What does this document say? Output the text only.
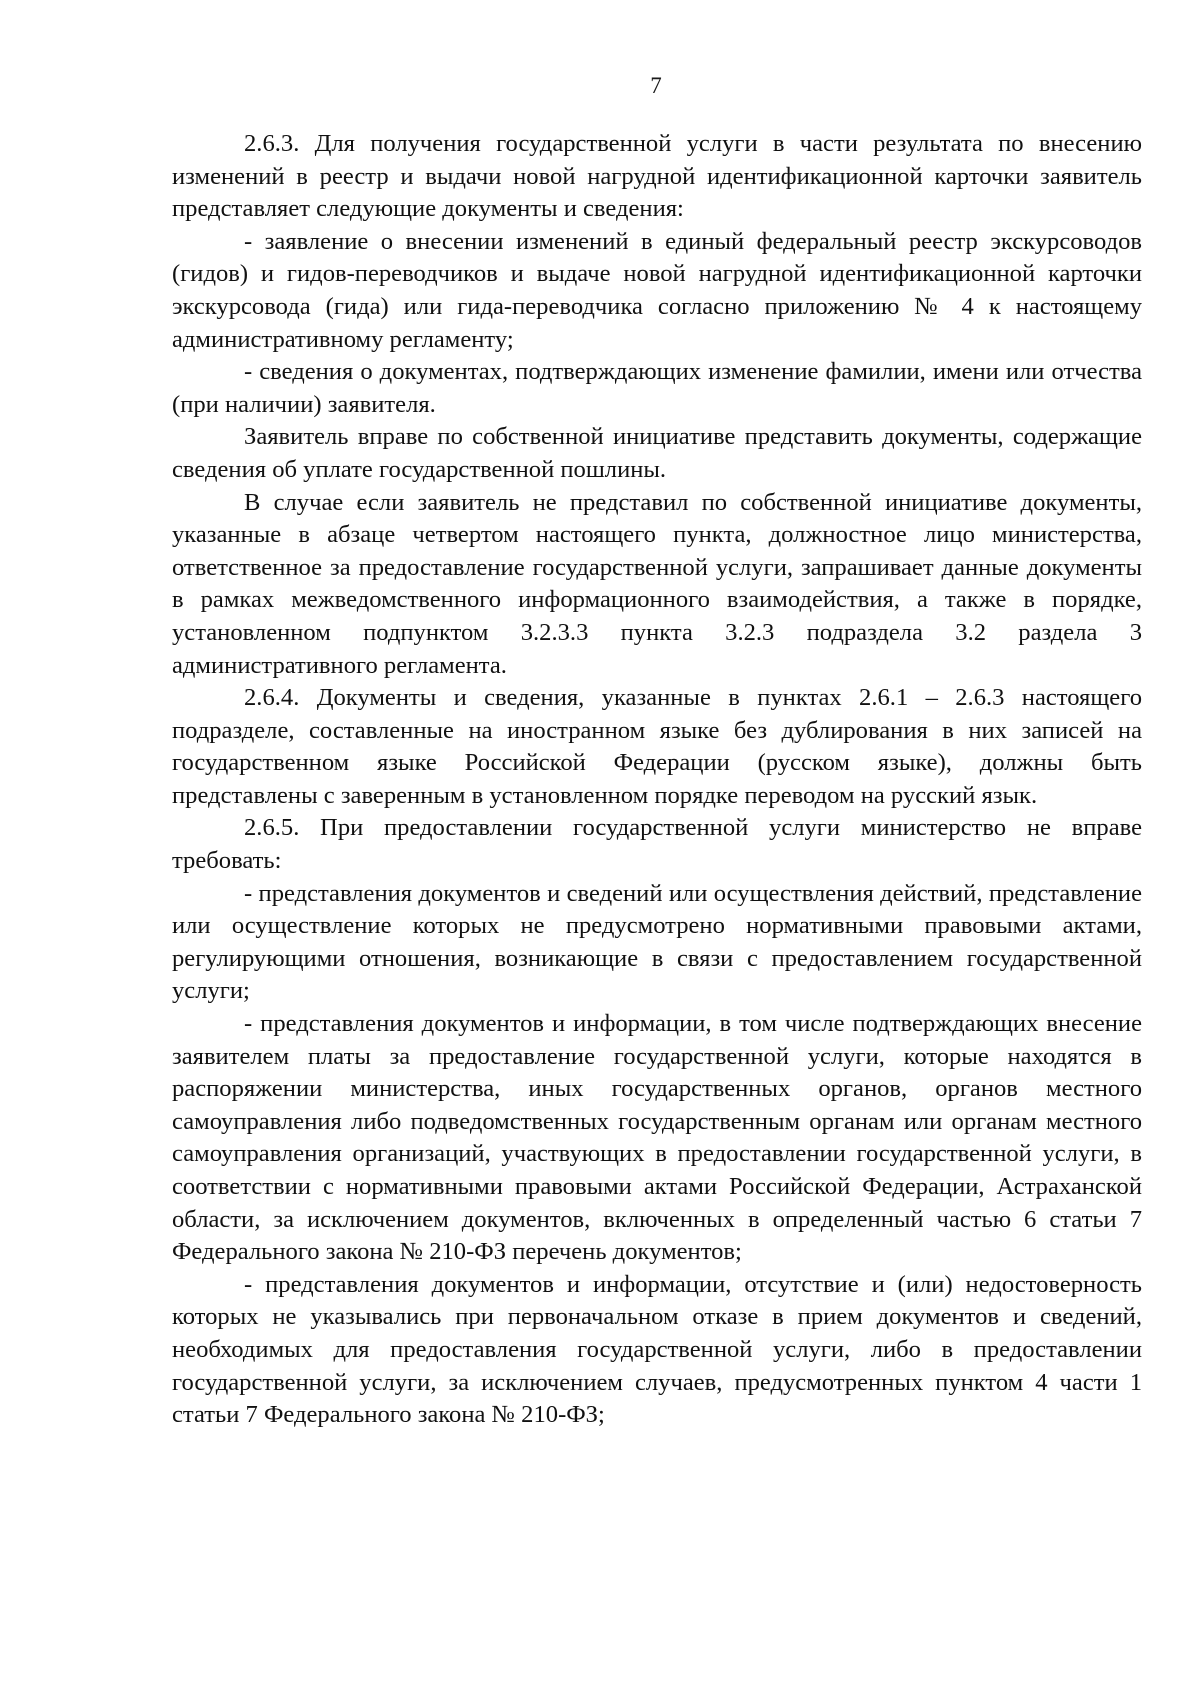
7

2.6.3. Для получения государственной услуги в части результата по внесению изменений в реестр и выдачи новой нагрудной идентификационной карточки заявитель представляет следующие документы и сведения:

- заявление о внесении изменений в единый федеральный реестр экскурсоводов (гидов) и гидов-переводчиков и выдаче новой нагрудной идентификационной карточки экскурсовода (гида) или гида-переводчика согласно приложению № 4 к настоящему административному регламенту;

- сведения о документах, подтверждающих изменение фамилии, имени или отчества (при наличии) заявителя.

Заявитель вправе по собственной инициативе представить документы, содержащие сведения об уплате государственной пошлины.

В случае если заявитель не представил по собственной инициативе документы, указанные в абзаце четвертом настоящего пункта, должностное лицо министерства, ответственное за предоставление государственной услуги, запрашивает данные документы в рамках межведомственного информационного взаимодействия, а также в порядке, установленном подпунктом 3.2.3.3 пункта 3.2.3 подраздела 3.2 раздела 3 административного регламента.

2.6.4. Документы и сведения, указанные в пунктах 2.6.1 – 2.6.3 настоящего подразделе, составленные на иностранном языке без дублирования в них записей на государственном языке Российской Федерации (русском языке), должны быть представлены с заверенным в установленном порядке переводом на русский язык.

2.6.5. При предоставлении государственной услуги министерство не вправе требовать:

- представления документов и сведений или осуществления действий, представление или осуществление которых не предусмотрено нормативными правовыми актами, регулирующими отношения, возникающие в связи с предоставлением государственной услуги;

- представления документов и информации, в том числе подтверждающих внесение заявителем платы за предоставление государственной услуги, которые находятся в распоряжении министерства, иных государственных органов, органов местного самоуправления либо подведомственных государственным органам или органам местного самоуправления организаций, участвующих в предоставлении государственной услуги, в соответствии с нормативными правовыми актами Российской Федерации, Астраханской области, за исключением документов, включенных в определенный частью 6 статьи 7 Федерального закона № 210-ФЗ перечень документов;

- представления документов и информации, отсутствие и (или) недостоверность которых не указывались при первоначальном отказе в прием документов и сведений, необходимых для предоставления государственной услуги, либо в предоставлении государственной услуги, за исключением случаев, предусмотренных пунктом 4 части 1 статьи 7 Федерального закона № 210-ФЗ;
